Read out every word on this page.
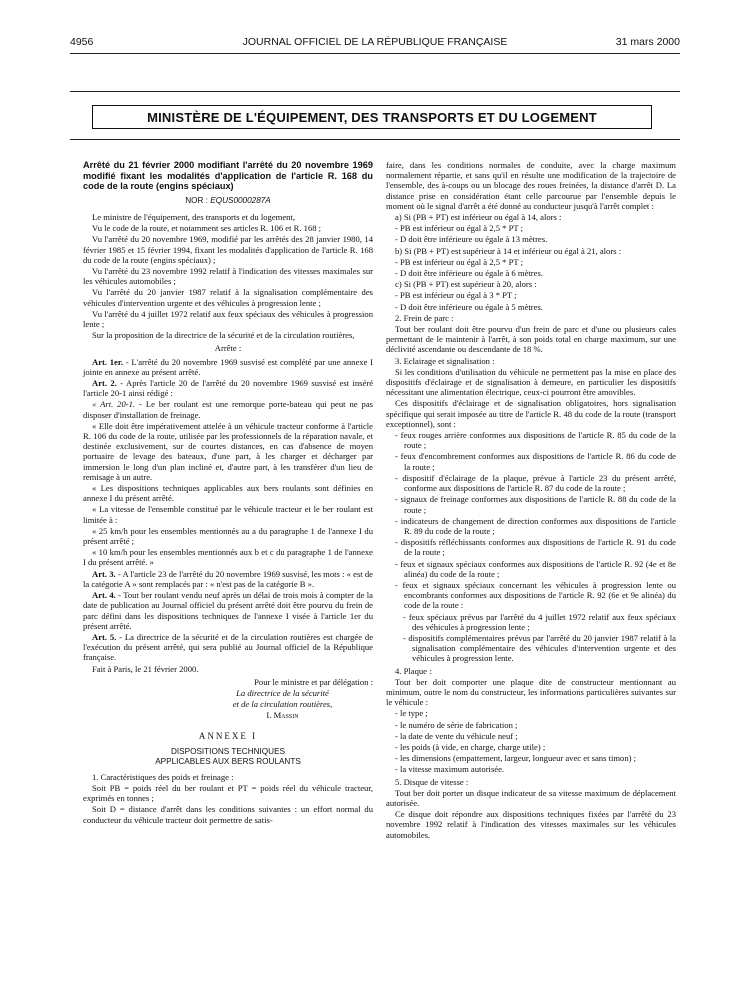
4956	JOURNAL OFFICIEL DE LA RÉPUBLIQUE FRANÇAISE	31 mars 2000
MINISTÈRE DE L'ÉQUIPEMENT, DES TRANSPORTS ET DU LOGEMENT

Arrêté du 21 février 2000 modifiant l'arrêté du 20 novembre 1969 modifié fixant les modalités d'application de l'article R. 168 du code de la route (engins spéciaux)

NOR : EQUS0000287A

Le ministre de l'équipement, des transports et du logement,

Vu le code de la route, et notamment ses articles R. 106 et R. 168 ;

Vu l'arrêté du 20 novembre 1969, modifié par les arrêtés des 28 janvier 1980, 14 février 1985 et 15 février 1994, fixant les modalités d'application de l'article R. 168 du code de la route (engins spéciaux) ;

Vu l'arrêté du 23 novembre 1992 relatif à l'indication des vitesses maximales sur les véhicules automobiles ;

Vu l'arrêté du 20 janvier 1987 relatif à la signalisation complémentaire des véhicules d'intervention urgente et des véhicules à progression lente ;

Vu l'arrêté du 4 juillet 1972 relatif aux feux spéciaux des véhicules à progression lente ;

Sur la proposition de la directrice de la sécurité et de la circulation routières,

Arrête :

Art. 1er. - L'arrêté du 20 novembre 1969 susvisé est complété par une annexe I jointe en annexe au présent arrêté.

Art. 2. - Après l'article 20 de l'arrêté du 20 novembre 1969 susvisé est inséré l'article 20-1 ainsi rédigé :

« Art. 20-1. - Le ber roulant est une remorque porte-bateau qui peut ne pas disposer d'installation de freinage.

« Elle doit être impérativement attelée à un véhicule tracteur conforme à l'article R. 106 du code de la route, utilisée par les professionnels de la réparation navale, et destinée exclusivement, sur de courtes distances, en cas d'absence de moyen portuaire de levage des bateaux, d'une part, à les charger et décharger par immersion le long d'un plan incliné et, d'autre part, à les transférer d'un lieu de remisage à un autre.

« Les dispositions techniques applicables aux bers roulants sont définies en annexe I du présent arrêté.

« La vitesse de l'ensemble constitué par le véhicule tracteur et le ber roulant est limitée à :

« 25 km/h pour les ensembles mentionnés au a du paragraphe 1 de l'annexe I du présent arrêté ;

« 10 km/h pour les ensembles mentionnés aux b et c du paragraphe 1 de l'annexe I du présent arrêté. »

Art. 3. - A l'article 23 de l'arrêté du 20 novembre 1969 susvisé, les mots : « est de la catégorie A » sont remplacés par : « n'est pas de la catégorie B ».

Art. 4. - Tout ber roulant vendu neuf après un délai de trois mois à compter de la date de publication au Journal officiel du présent arrêté doit être pourvu du frein de parc défini dans les dispositions techniques de l'annexe I visée à l'article 1er du présent arrêté.

Art. 5. - La directrice de la sécurité et de la circulation routières est chargée de l'exécution du présent arrêté, qui sera publié au Journal officiel de la République française.

Fait à Paris, le 21 février 2000.

Pour le ministre et par délégation :

La directrice de la sécurité

et de la circulation routières,

I. Massin

ANNEXE I
DISPOSITIONS TECHNIQUES
APPLICABLES AUX BERS ROULANTS

1. Caractéristiques des poids et freinage :

Soit PB = poids réel du ber roulant et PT = poids réel du véhicule tracteur, exprimés en tonnes ;

Soit D = distance d'arrêt dans les conditions suivantes : un effort normal du conducteur du véhicule tracteur doit permettre de satis-

faire, dans les conditions normales de conduite, avec la charge maximum normalement répartie, et sans qu'il en résulte une modification de la trajectoire de l'ensemble, des à-coups ou un blocage des roues freinées, la distance d'arrêt D. La distance prise en considération étant celle parcourue par l'ensemble depuis le moment où le signal d'arrêt a été donné au conducteur jusqu'à l'arrêt complet :

a) Si (PB + PT) est inférieur ou égal à 14, alors :

- PB est inférieur ou égal à 2,5 * PT ;

- D doit être inférieure ou égale à 13 mètres.

b) Si (PB + PT) est supérieur à 14 et inférieur ou égal à 21, alors :

- PB est inférieur ou égal à 2,5 * PT ;

- D doit être inférieure ou égale à 6 mètres.

c) Si (PB + PT) est supérieur à 20, alors :

- PB est inférieur ou égal à 3 * PT ;

- D doit être inférieure ou égale à 5 mètres.

2. Frein de parc :

Tout ber roulant doit être pourvu d'un frein de parc et d'une ou plusieurs cales permettant de le maintenir à l'arrêt, à son poids total en charge maximum, sur une déclivité ascendante ou descendante de 18 %.

3. Eclairage et signalisation :

Si les conditions d'utilisation du véhicule ne permettent pas la mise en place des dispositifs d'éclairage et de signalisation à demeure, en particulier les dispositifs nécessitant une alimentation électrique, ceux-ci pourront être amovibles.

Ces dispositifs d'éclairage et de signalisation obligatoires, hors signalisation spécifique qui serait imposée au titre de l'article R. 48 du code de la route (transport exceptionnel), sont :

- feux rouges arrière conformes aux dispositions de l'article R. 85 du code de la route ;
- feux d'encombrement conformes aux dispositions de l'article R. 86 du code de la route ;
- dispositif d'éclairage de la plaque, prévue à l'article 23 du présent arrêté, conforme aux dispositions de l'article R. 87 du code de la route ;
- signaux de freinage conformes aux dispositions de l'article R. 88 du code de la route ;
- indicateurs de changement de direction conformes aux dispositions de l'article R. 89 du code de la route ;
- dispositifs réfléchissants conformes aux dispositions de l'article R. 91 du code de la route ;
- feux et signaux spéciaux conformes aux dispositions de l'article R. 92 (4e et 8e alinéa) du code de la route ;
- feux et signaux spéciaux concernant les véhicules à progression lente ou encombrants conformes aux dispositions de l'article R. 92 (6e et 9e alinéa) du code de la route :
- feux spéciaux prévus par l'arrêté du 4 juillet 1972 relatif aux feux spéciaux des véhicules à progression lente ;
- dispositifs complémentaires prévus par l'arrêté du 20 janvier 1987 relatif à la signalisation complémentaire des véhicules d'intervention urgente et des véhicules à progression lente.

4. Plaque :

Tout ber doit comporter une plaque dite de constructeur mentionnant au minimum, outre le nom du constructeur, les informations particulières suivantes sur le véhicule :

- le type ;
- le numéro de série de fabrication ;
- la date de vente du véhicule neuf ;
- les poids (à vide, en charge, charge utile) ;
- les dimensions (empattement, largeur, longueur avec et sans timon) ;
- la vitesse maximum autorisée.

5. Disque de vitesse :

Tout ber doit porter un disque indicateur de sa vitesse maximum de déplacement autorisée.

Ce disque doit répondre aux dispositions techniques fixées par l'arrêté du 23 novembre 1992 relatif à l'indication des vitesses maximales sur les véhicules automobiles.
